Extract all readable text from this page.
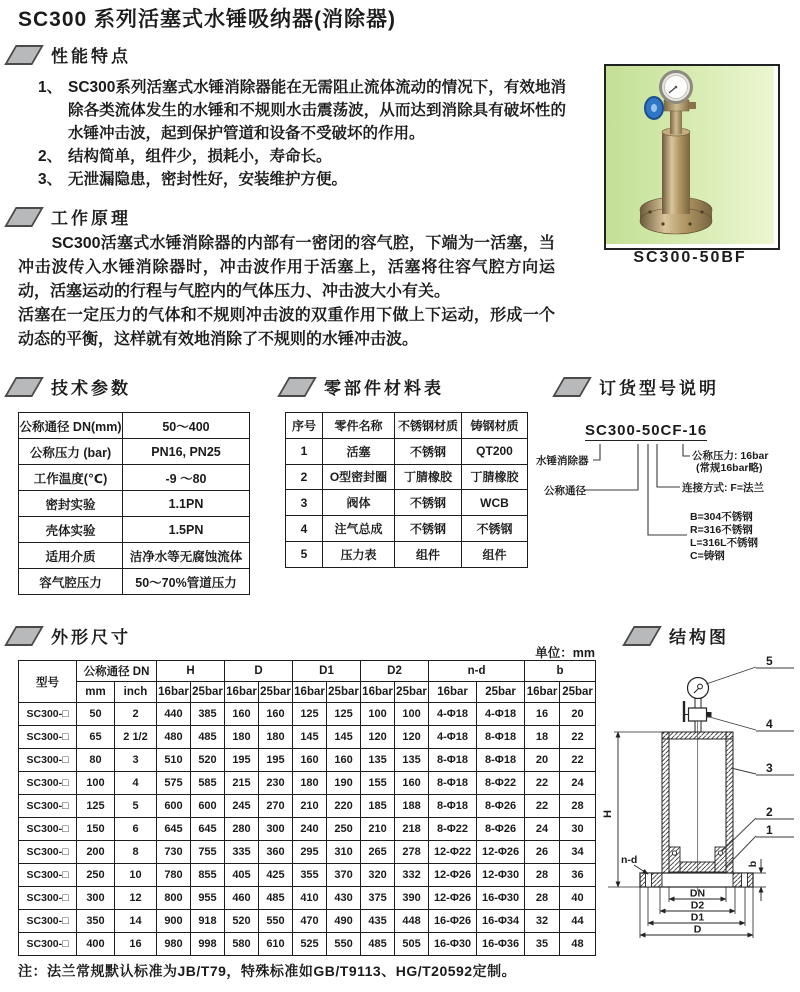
SC300 系列活塞式水锤吸纳器(消除器)
性能特点
1、 SC300系列活塞式水锤消除器能在无需阻止流体流动的情况下，有效地消除各类流体发生的水锤和不规则水击震荡波，从而达到消除具有破坏性的水锤冲击波，起到保护管道和设备不受破坏的作用。
2、 结构简单，组件少，损耗小，寿命长。
3、 无泄漏隐患，密封性好，安装维护方便。
SC300-50BF
工作原理
SC300活塞式水锤消除器的内部有一密闭的容气腔，下端为一活塞，当冲击波传入水锤消除器时，冲击波作用于活塞上，活塞将往容气腔方向运动，活塞运动的行程与气腔内的气体压力、冲击波大小有关。
活塞在一定压力的气体和不规则冲击波的双重作用下做上下运动，形成一个动态的平衡，这样就有效地消除了不规则的水锤冲击波。
技术参数
公称通径 DN(mm)	50～400
公称压力 (bar)	PN16, PN25
工作温度(℃)	-9 ～80
密封实验	1.1PN
壳体实验	1.5PN
适用介质	洁净水等无腐蚀流体
容气腔压力	50～70%管道压力
零部件材料表
序号	零件名称	不锈钢材质	铸钢材质
1	活塞	不锈钢	QT200
2	O型密封圈	丁腈橡胶	丁腈橡胶
3	阀体	不锈钢	WCB
4	注气总成	不锈钢	不锈钢
5	压力表	组件	组件
订货型号说明
SC300-50CF-16
水锤消除器
公称通径
公称压力: 16bar
(常规16bar略)
连接方式: F=法兰
B=304不锈钢
R=316不锈钢
L=316L不锈钢
C=铸钢
外形尺寸
单位：mm
型号	公称通径 DN		H		D		D1		D2		n-d		b	
	mm	inch	16bar	25bar	16bar	25bar	16bar	25bar	16bar	25bar	16bar	25bar	16bar	25bar
SC300-□	50	2	440	385	160	160	125	125	100	100	4-Φ18	4-Φ18	16	20
SC300-□	65	2 1/2	480	485	180	180	145	145	120	120	4-Φ18	8-Φ18	18	22
SC300-□	80	3	510	520	195	195	160	160	135	135	8-Φ18	8-Φ18	20	22
SC300-□	100	4	575	585	215	230	180	190	155	160	8-Φ18	8-Φ22	22	24
SC300-□	125	5	600	600	245	270	210	220	185	188	8-Φ18	8-Φ26	22	28
SC300-□	150	6	645	645	280	300	240	250	210	218	8-Φ22	8-Φ26	24	30
SC300-□	200	8	730	755	335	360	295	310	265	278	12-Φ22	12-Φ26	26	34
SC300-□	250	10	780	855	405	425	355	370	320	332	12-Φ26	12-Φ30	28	36
SC300-□	300	12	800	955	460	485	410	430	375	390	12-Φ26	16-Φ30	28	40
SC300-□	350	14	900	918	520	550	470	490	435	448	16-Φ26	16-Φ34	32	44
SC300-□	400	16	980	998	580	610	525	550	485	505	16-Φ30	16-Φ36	35	48
结构图
H
n-d	b
DN
D2
D1
D
5
4
3
2
1
注：法兰常规默认标准为JB/T79，特殊标准如GB/T9113、HG/T20592定制。
